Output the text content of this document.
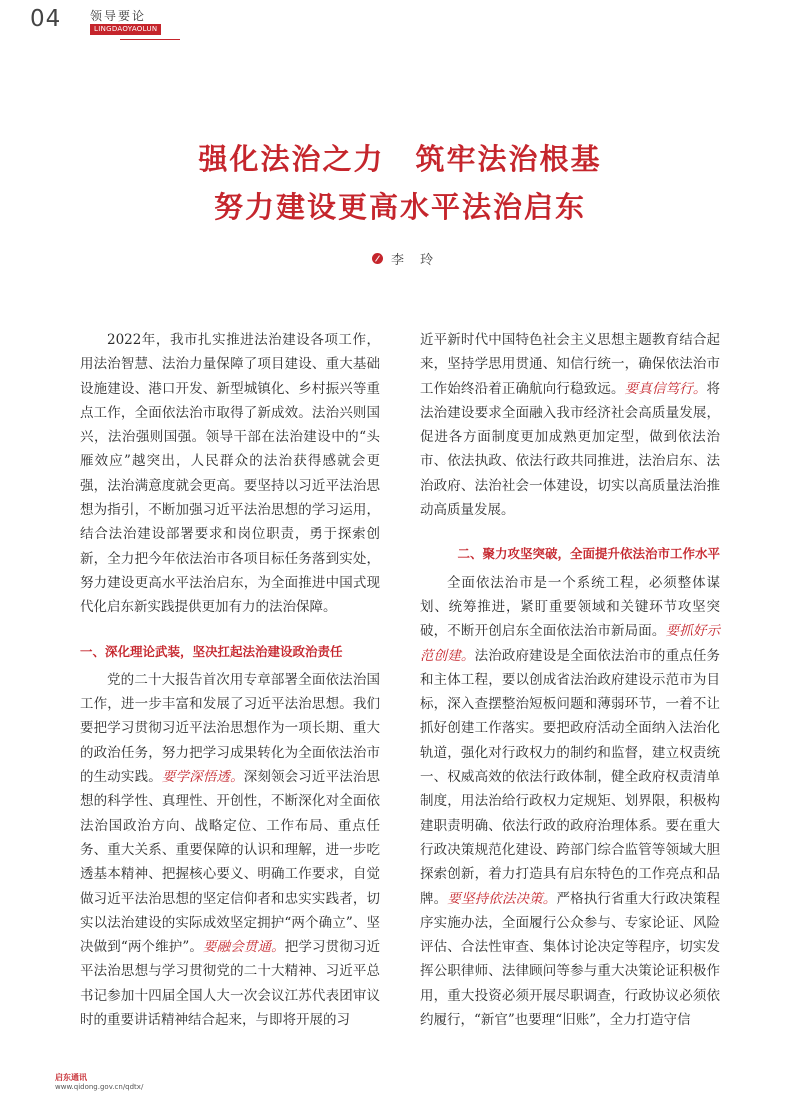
04 领导要论
LINGDAOYAOLUN
强化法治之力　筑牢法治根基
努力建设更高水平法治启东
李 玲

2022年，我市扎实推进法治建设各项工作，用法治智慧、法治力量保障了项目建设、重大基础设施建设、港口开发、新型城镇化、乡村振兴等重点工作，全面依法治市取得了新成效。法治兴则国兴，法治强则国强。领导干部在法治建设中的“头雁效应”越突出，人民群众的法治获得感就会更强，法治满意度就会更高。要坚持以习近平法治思想为指引，不断加强习近平法治思想的学习运用，结合法治建设部署要求和岗位职责，勇于探索创新，全力把今年依法治市各项目标任务落到实处，努力建设更高水平法治启东，为全面推进中国式现代化启东新实践提供更加有力的法治保障。

一、深化理论武装，坚决扛起法治建设政治责任

党的二十大报告首次用专章部署全面依法治国工作，进一步丰富和发展了习近平法治思想。我们要把学习贯彻习近平法治思想作为一项长期、重大的政治任务，努力把学习成果转化为全面依法治市的生动实践。要学深悟透。深刻领会习近平法治思想的科学性、真理性、开创性，不断深化对全面依法治国政治方向、战略定位、工作布局、重点任务、重大关系、重要保障的认识和理解，进一步吃透基本精神、把握核心要义、明确工作要求，自觉做习近平法治思想的坚定信仰者和忠实实践者，切实以法治建设的实际成效坚定拥护“两个确立”、坚决做到“两个维护”。要融会贯通。把学习贯彻习近平法治思想与学习贯彻党的二十大精神、习近平总书记参加十四届全国人大一次会议江苏代表团审议时的重要讲话精神结合起来，与即将开展的习

近平新时代中国特色社会主义思想主题教育结合起来，坚持学思用贯通、知信行统一，确保依法治市工作始终沿着正确航向行稳致远。要真信笃行。将法治建设要求全面融入我市经济社会高质量发展，促进各方面制度更加成熟更加定型，做到依法治市、依法执政、依法行政共同推进，法治启东、法治政府、法治社会一体建设，切实以高质量法治推动高质量发展。

二、聚力攻坚突破，全面提升依法治市工作水平

全面依法治市是一个系统工程，必须整体谋划、统筹推进，紧盯重要领域和关键环节攻坚突破，不断开创启东全面依法治市新局面。要抓好示范创建。法治政府建设是全面依法治市的重点任务和主体工程，要以创成省法治政府建设示范市为目标，深入查摆整治短板问题和薄弱环节，一着不让抓好创建工作落实。要把政府活动全面纳入法治化轨道，强化对行政权力的制约和监督，建立权责统一、权威高效的依法行政体制，健全政府权责清单制度，用法治给行政权力定规矩、划界限，积极构建职责明确、依法行政的政府治理体系。要在重大行政决策规范化建设、跨部门综合监管等领域大胆探索创新，着力打造具有启东特色的工作亮点和品牌。要坚持依法决策。严格执行省重大行政决策程序实施办法，全面履行公众参与、专家论证、风险评估、合法性审查、集体讨论决定等程序，切实发挥公职律师、法律顾问等参与重大决策论证积极作用，重大投资必须开展尽职调查，行政协议必须依约履行，“新官”也要理“旧账”，全力打造守信

启东通讯
www.qidong.gov.cn/qdtx/
